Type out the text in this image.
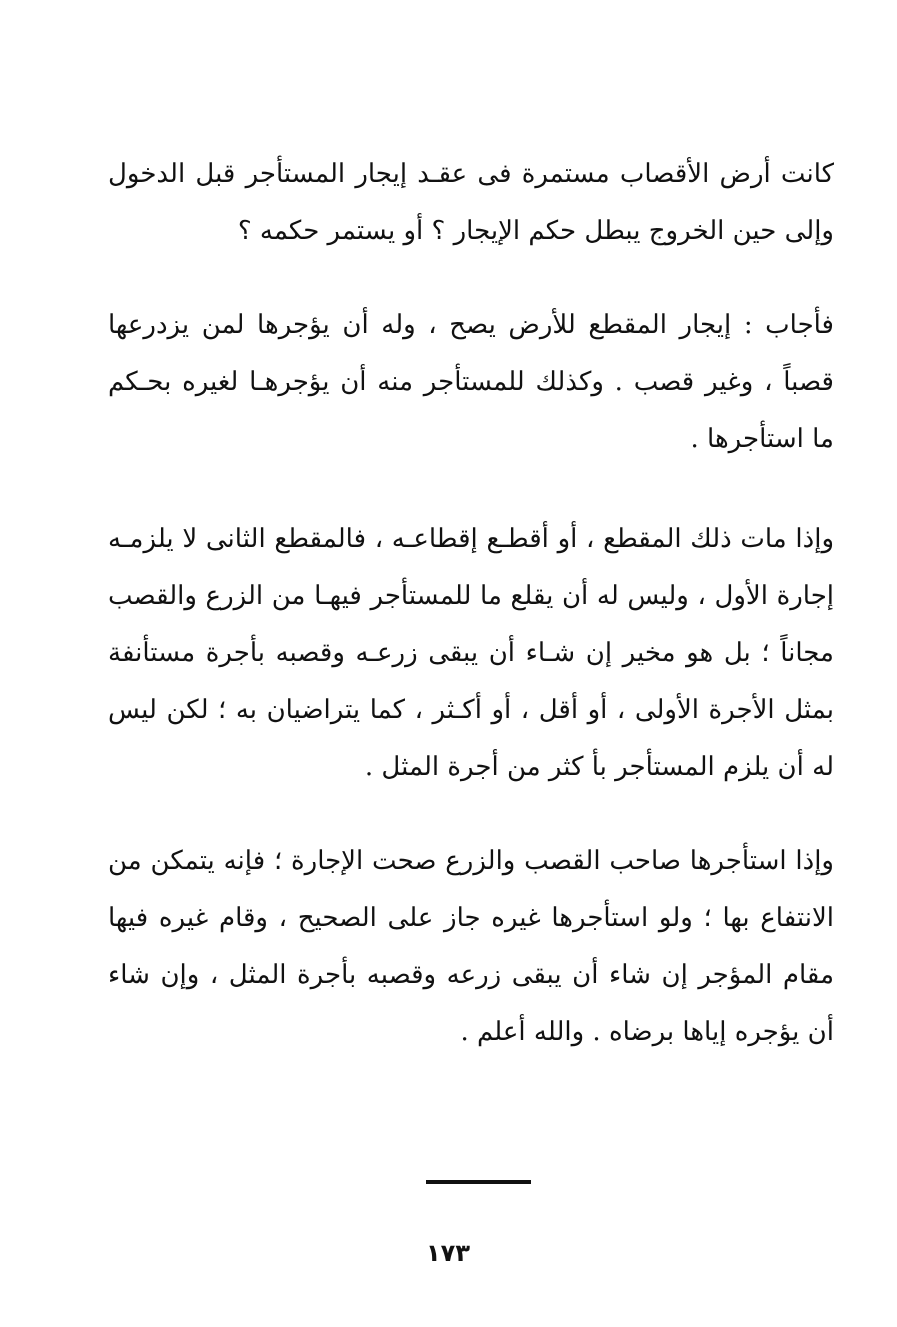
كانت أرض الأقصاب مستمرة فى عقـد إيجار المستأجر قبل الدخول وإلى حين الخروج يبطل حكم الإيجار ؟ أو يستمر حكمه ؟

فأجاب : إيجار المقطع للأرض يصح ، وله أن يؤجرها لمن يزدرعها قصباً ، وغير قصب . وكذلك للمستأجر منه أن يؤجرهـا لغيره بحـكم ما استأجرها .

وإذا مات ذلك المقطع ، أو أقطـع إقطاعـه ، فالمقطع الثانى لا يلزمـه إجارة الأول ، وليس له أن يقلع ما للمستأجر فيهـا من الزرع والقصب مجاناً ؛ بل هو مخير إن شـاء أن يبقى زرعـه وقصبه بأجرة مستأنفة بمثل الأجرة الأولى ، أو أقل ، أو أكـثر ، كما يتراضيان به ؛ لكن ليس له أن يلزم المستأجر بأ كثر من أجرة المثل .

وإذا استأجرها صاحب القصب والزرع صحت الإجارة ؛ فإنه يتمكن من الانتفاع بها ؛ ولو استأجرها غيره جاز على الصحيح ، وقام غيره فيها مقام المؤجر إن شاء أن يبقى زرعه وقصبه بأجرة المثل ، وإن شاء أن يؤجره إياها برضاه . والله أعلم .

١٧٣
